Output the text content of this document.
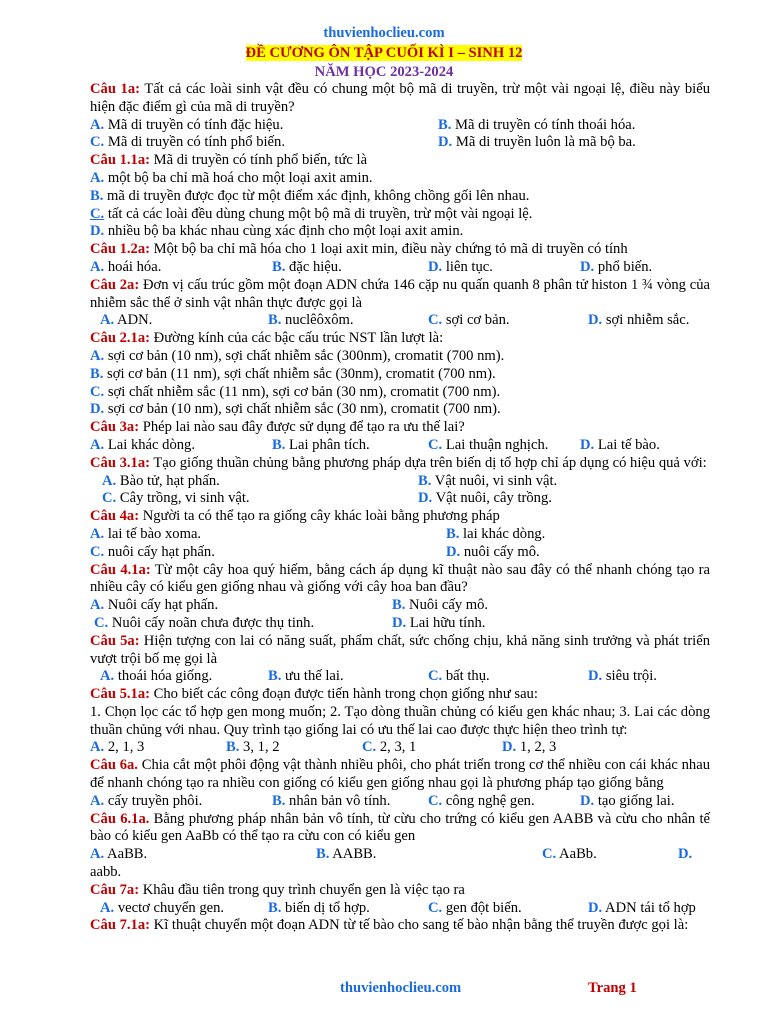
thuvienhoclieu.com
ĐỀ CƯƠNG ÔN TẬP CUỐI KÌ I – SINH 12
NĂM HỌC 2023-2024
Câu 1a: Tất cả các loài sinh vật đều có chung một bộ mã di truyền, trừ một vài ngoại lệ, điều này biểu hiện đặc điểm gì của mã di truyền?
A. Mã di truyền có tính đặc hiệu.	B. Mã di truyền có tính thoái hóa.
C. Mã di truyền có tính phổ biến.	D. Mã di truyền luôn là mã bộ ba.
Câu 1.1a: Mã di truyền có tính phổ biến, tức là
A. một bộ ba chỉ mã hoá cho một loại axit amin.
B. mã di truyền được đọc từ một điểm xác định, không chồng gối lên nhau.
C. tất cả các loài đều dùng chung một bộ mã di truyền, trừ một vài ngoại lệ.
D. nhiều bộ ba khác nhau cùng xác định cho một loại axit amin.
Câu 1.2a: Một bộ ba chỉ mã hóa cho 1 loại axit min, điều này chứng tỏ mã di truyền có tính
A. hoái hóa.	B. đặc hiệu.	D. liên tục.	D. phổ biến.
Câu 2a: Đơn vị cấu trúc gồm một đoạn ADN chứa 146 cặp nu quấn quanh 8 phân tử histon 1 ¾ vòng của nhiễm sắc thể ở sinh vật nhân thực được gọi là
A. ADN.	B. nuclêôxôm.	C. sợi cơ bản.	D. sợi nhiễm sắc.
Câu 2.1a: Đường kính của các bậc cấu trúc NST lần lượt là:
A. sợi cơ bản (10 nm), sợi chất nhiễm sắc (300nm), cromatit (700 nm).
B. sợi cơ bản (11 nm), sợi chất nhiễm sắc (30nm), cromatit (700 nm).
C. sợi chất nhiễm sắc (11 nm), sợi cơ bản (30 nm), cromatit (700 nm).
D. sợi cơ bản (10 nm), sợi chất nhiễm sắc (30 nm), cromatit (700 nm).
Câu 3a: Phép lai nào sau đây được sử dụng để tạo ra ưu thế lai?
A. Lai khác dòng.	B. Lai phân tích.	C. Lai thuận nghịch. D. Lai tế bào.
Câu 3.1a: Tạo giống thuần chủng bằng phương pháp dựa trên biến dị tổ hợp chỉ áp dụng có hiệu quả với:
A. Bào tử, hạt phấn.	B. Vật nuôi, vi sinh vật.
C. Cây trồng, vi sinh vật.	D. Vật nuôi, cây trồng.
Câu 4a: Người ta có thể tạo ra giống cây khác loài bằng phương pháp
A. lai tế bào xoma.	B. lai khác dòng.
C. nuôi cấy hạt phấn.	D. nuôi cấy mô.
Câu 4.1a: Từ một cây hoa quý hiếm, bằng cách áp dụng kĩ thuật nào sau đây có thể nhanh chóng tạo ra nhiều cây có kiểu gen giống nhau và giống với cây hoa ban đầu?
A. Nuôi cấy hạt phấn.	B. Nuôi cấy mô.
C. Nuôi cấy noãn chưa được thụ tinh.	D. Lai hữu tính.
Câu 5a: Hiện tượng con lai có năng suất, phẩm chất, sức chống chịu, khả năng sinh trưởng và phát triển vượt trội bố mẹ gọi là
A. thoái hóa giống.	B. ưu thế lai.	C. bất thụ.	D. siêu trội.
Câu 5.1a: Cho biết các công đoạn được tiến hành trong chọn giống như sau:
1. Chọn lọc các tổ hợp gen mong muốn; 2. Tạo dòng thuần chủng có kiểu gen khác nhau; 3. Lai các dòng thuần chủng với nhau. Quy trình tạo giống lai có ưu thế lai cao được thực hiện theo trình tự:
A. 2, 1, 3	B. 3, 1, 2	C. 2, 3, 1	D. 1, 2, 3
Câu 6a. Chia cắt một phôi động vật thành nhiều phôi, cho phát triển trong cơ thể nhiều con cái khác nhau để nhanh chóng tạo ra nhiều con giống có kiểu gen giống nhau gọi là phương pháp tạo giống bằng
A. cấy truyền phôi.	B. nhân bản vô tính.	C. công nghệ gen.	D. tạo giống lai.
Câu 6.1a. Bằng phương pháp nhân bản vô tính, từ cừu cho trứng có kiểu gen AABB và cừu cho nhân tế bào có kiểu gen AaBb có thể tạo ra cừu con có kiểu gen
A. AaBB.	B. AABB.	C. AaBb.	D.
aabb.
Câu 7a: Khâu đầu tiên trong quy trình chuyển gen là việc tạo ra
A. vectơ chuyển gen.	B. biến dị tổ hợp.	C. gen đột biến.	D. ADN tái tổ hợp
Câu 7.1a: Kĩ thuật chuyển một đoạn ADN từ tế bào cho sang tế bào nhận bằng thể truyền được gọi là:
thuvienhoclieu.com	Trang 1
